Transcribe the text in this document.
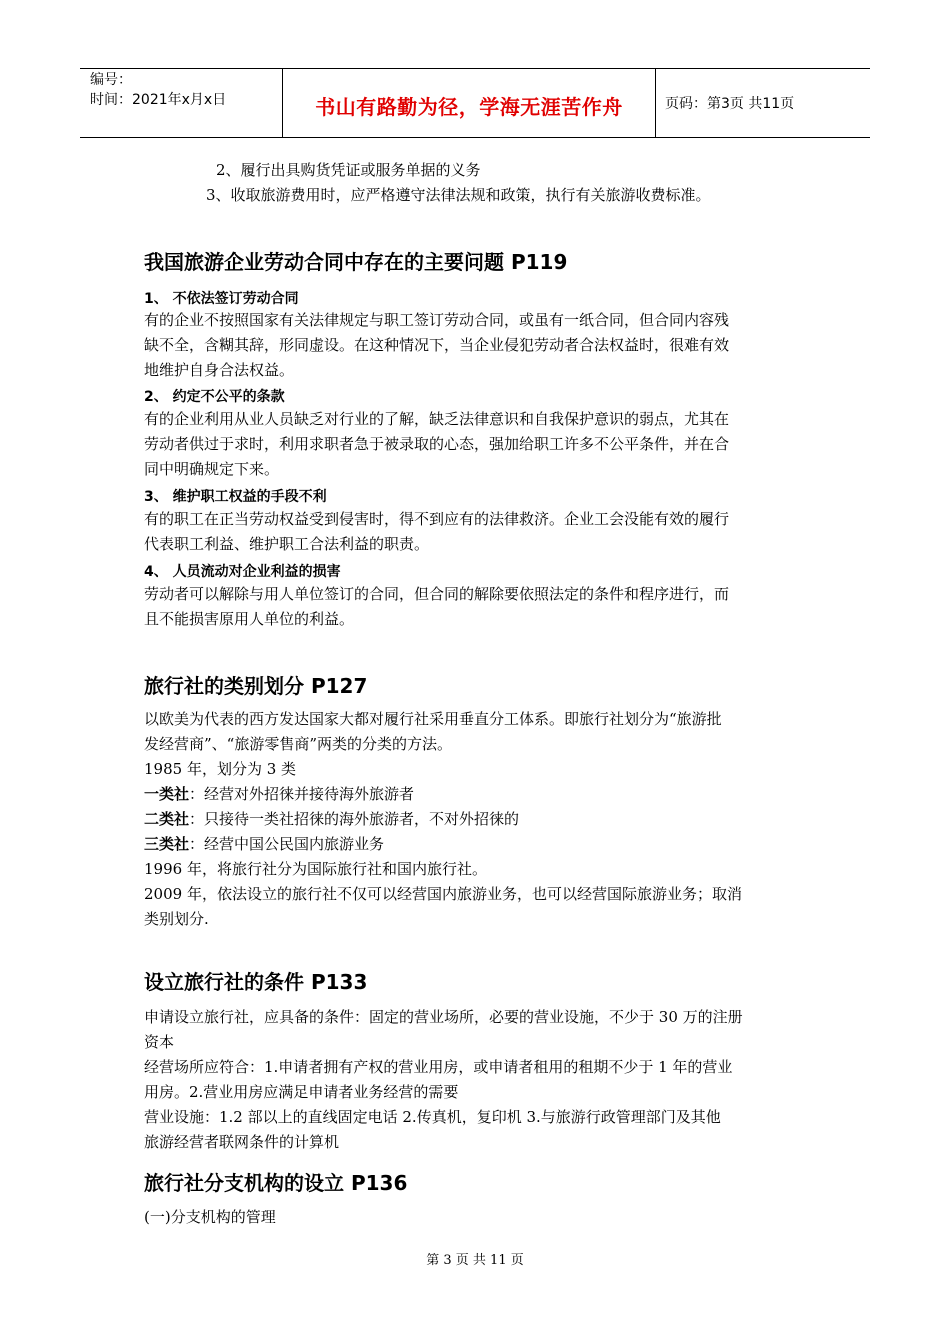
编号：
时间：2021年x月x日	书山有路勤为径，学海无涯苦作舟	页码：第3页 共11页
2、履行出具购货凭证或服务单据的义务
3、收取旅游费用时，应严格遵守法律法规和政策，执行有关旅游收费标准。
我国旅游企业劳动合同中存在的主要问题 P119
1、 不依法签订劳动合同
有的企业不按照国家有关法律规定与职工签订劳动合同，或虽有一纸合同，但合同内容残
缺不全，含糊其辞，形同虚设。在这种情况下，当企业侵犯劳动者合法权益时，很难有效
地维护自身合法权益。
2、 约定不公平的条款
有的企业利用从业人员缺乏对行业的了解，缺乏法律意识和自我保护意识的弱点，尤其在
劳动者供过于求时，利用求职者急于被录取的心态，强加给职工许多不公平条件，并在合
同中明确规定下来。
3、 维护职工权益的手段不利
有的职工在正当劳动权益受到侵害时，得不到应有的法律救济。企业工会没能有效的履行
代表职工利益、维护职工合法利益的职责。
4、 人员流动对企业利益的损害
劳动者可以解除与用人单位签订的合同，但合同的解除要依照法定的条件和程序进行，而
且不能损害原用人单位的利益。
旅行社的类别划分 P127
以欧美为代表的西方发达国家大都对履行社采用垂直分工体系。即旅行社划分为“旅游批
发经营商”、“旅游零售商”两类的分类的方法。
1985 年，划分为 3 类
一类社：经营对外招徕并接待海外旅游者
二类社：只接待一类社招徕的海外旅游者，不对外招徕的
三类社：经营中国公民国内旅游业务
1996 年，将旅行社分为国际旅行社和国内旅行社。
2009 年，依法设立的旅行社不仅可以经营国内旅游业务，也可以经营国际旅游业务；取消
类别划分.
设立旅行社的条件 P133
申请设立旅行社，应具备的条件：固定的营业场所，必要的营业设施，不少于 30 万的注册
资本
经营场所应符合：1.申请者拥有产权的营业用房，或申请者租用的租期不少于 1 年的营业
用房。2.营业用房应满足申请者业务经营的需要
营业设施：1.2 部以上的直线固定电话 2.传真机，复印机 3.与旅游行政管理部门及其他
旅游经营者联网条件的计算机
旅行社分支机构的设立 P136
(一)分支机构的管理
第 3 页 共 11 页
